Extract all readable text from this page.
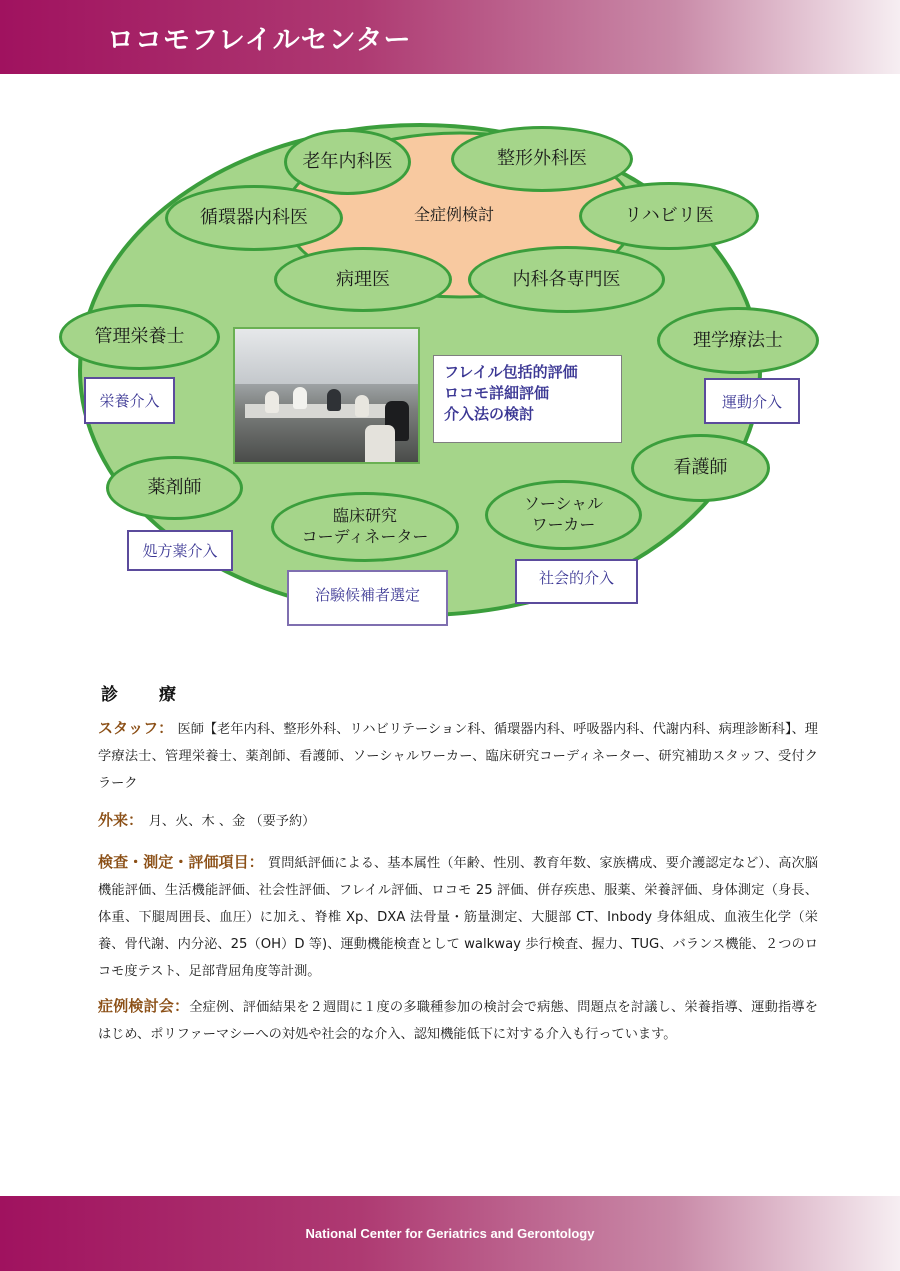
ロコモフレイルセンター
全症例検討
老年内科医	整形外科医
循環器内科医	リハビリ医
病理医	内科各専門医
管理栄養士	理学療法士
薬剤師
看護師
臨床研究
コーディネーター
ソーシャル
ワーカー
フレイル包括的評価
ロコモ詳細評価
介入法の検討
栄養介入	運動介入
処方薬介入
治験候補者選定
社会的介入
診　療
スタッフ： 医師【老年内科、整形外科、リハビリテーション科、循環器内科、呼吸器内科、代謝内科、病理診断科】、理学療法士、管理栄養士、薬剤師、看護師、ソーシャルワーカー、臨床研究コーディネーター、研究補助スタッフ、受付クラーク
外来：　月、火、木 、金 （要予約）
検査・測定・評価項目： 質問紙評価による、基本属性（年齢、性別、教育年数、家族構成、要介護認定など）、高次脳機能評価、生活機能評価、社会性評価、フレイル評価、ロコモ 25 評価、併存疾患、服薬、栄養評価、身体測定（身長、体重、下腿周囲長、血圧）に加え、脊椎 Xp、DXA 法骨量・筋量測定、大腿部 CT、Inbody 身体組成、血液生化学（栄養、骨代謝、内分泌、25（OH）D 等)、運動機能検査として walkway 歩行検査、握力、TUG、バランス機能、２つのロコモ度テスト、足部背屈角度等計測。
症例検討会：全症例、評価結果を２週間に１度の多職種参加の検討会で病態、問題点を討議し、栄養指導、運動指導をはじめ、ポリファーマシーへの対処や社会的な介入、認知機能低下に対する介入も行っています。
National Center for Geriatrics and Gerontology
